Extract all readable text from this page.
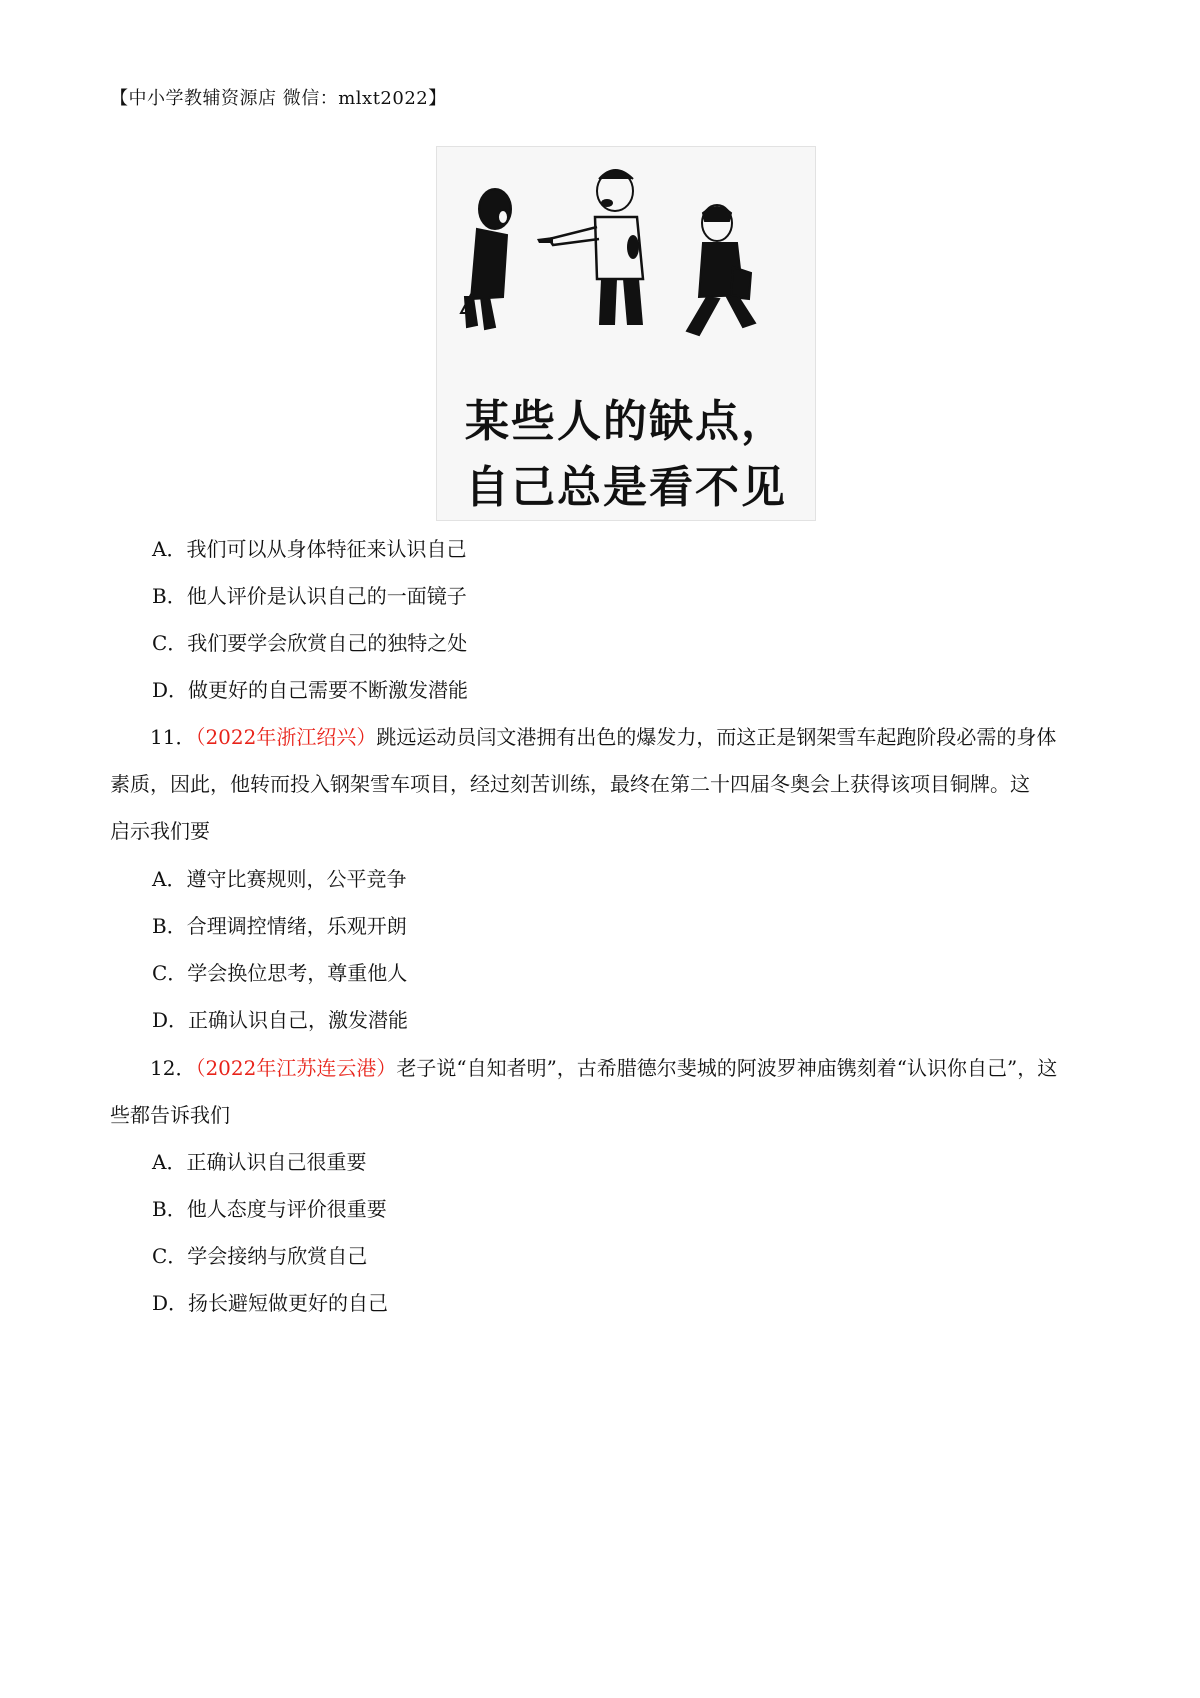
【中小学教辅资源店 微信：mlxt2022】
某些人的缺点，
自己总是看不见
A．我们可以从身体特征来认识自己
B．他人评价是认识自己的一面镜子
C．我们要学会欣赏自己的独特之处
D．做更好的自己需要不断激发潜能
11．（2022年浙江绍兴）跳远运动员闫文港拥有出色的爆发力，而这正是钢架雪车起跑阶段必需的身体
素质，因此，他转而投入钢架雪车项目，经过刻苦训练，最终在第二十四届冬奥会上获得该项目铜牌。这
启示我们要
A．遵守比赛规则，公平竞争
B．合理调控情绪，乐观开朗
C．学会换位思考，尊重他人
D．正确认识自己，激发潜能
12．（2022年江苏连云港）老子说“自知者明”，古希腊德尔斐城的阿波罗神庙镌刻着“认识你自己”，这
些都告诉我们
A．正确认识自己很重要
B．他人态度与评价很重要
C．学会接纳与欣赏自己
D．扬长避短做更好的自己
